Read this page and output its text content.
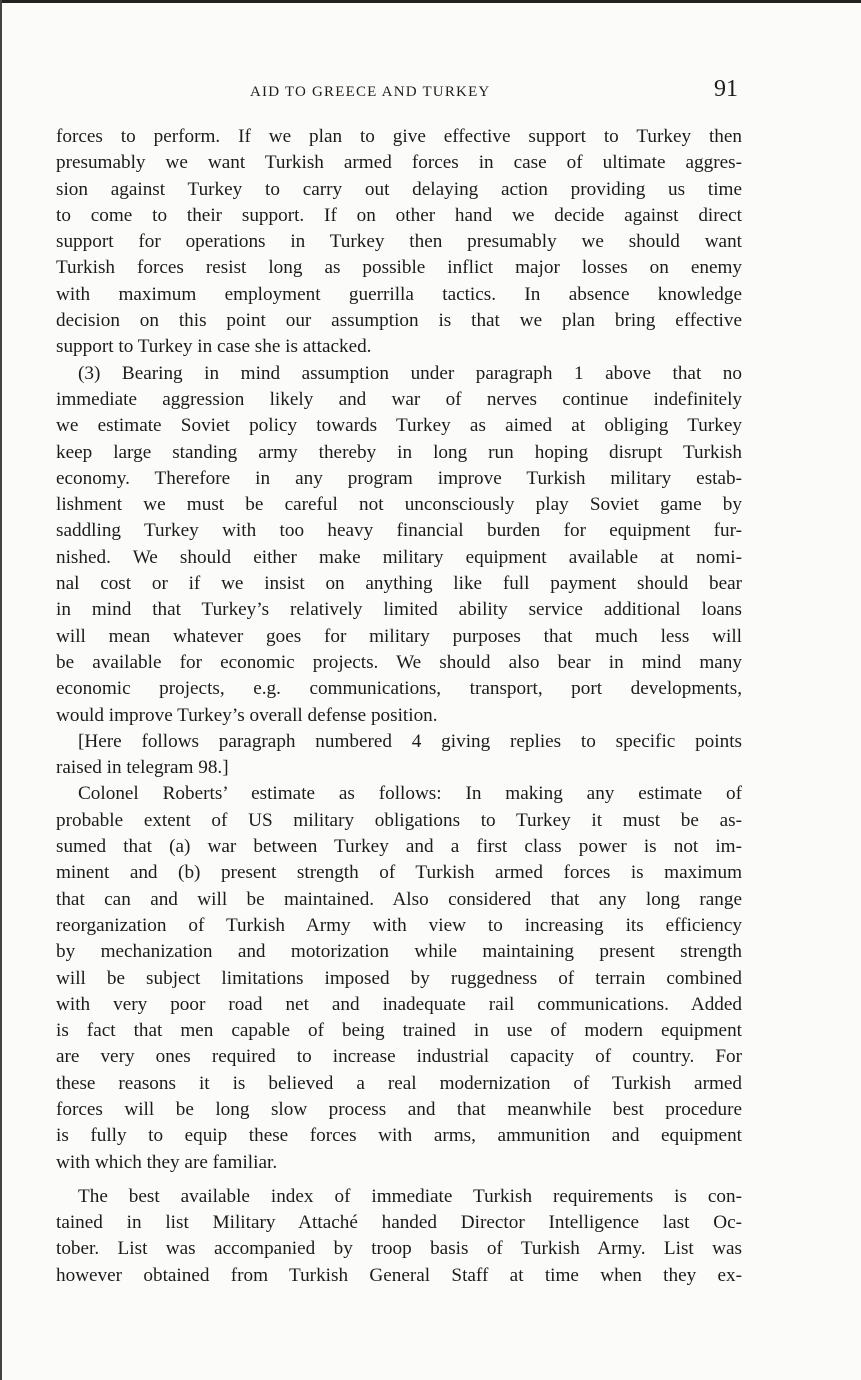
AID TO GREECE AND TURKEY	91
forces to perform. If we plan to give effective support to Turkey then
presumably we want Turkish armed forces in case of ultimate aggres-
sion against Turkey to carry out delaying action providing us time
to come to their support. If on other hand we decide against direct
support for operations in Turkey then presumably we should want
Turkish forces resist long as possible inflict major losses on enemy
with maximum employment guerrilla tactics. In absence knowledge
decision on this point our assumption is that we plan bring effective
support to Turkey in case she is attacked.
(3) Bearing in mind assumption under paragraph 1 above that no
immediate aggression likely and war of nerves continue indefinitely
we estimate Soviet policy towards Turkey as aimed at obliging Turkey
keep large standing army thereby in long run hoping disrupt Turkish
economy. Therefore in any program improve Turkish military estab-
lishment we must be careful not unconsciously play Soviet game by
saddling Turkey with too heavy financial burden for equipment fur-
nished. We should either make military equipment available at nomi-
nal cost or if we insist on anything like full payment should bear
in mind that Turkey’s relatively limited ability service additional loans
will mean whatever goes for military purposes that much less will
be available for economic projects. We should also bear in mind many
economic projects, e.g. communications, transport, port developments,
would improve Turkey’s overall defense position.
[Here follows paragraph numbered 4 giving replies to specific points
raised in telegram 98.]
Colonel Roberts’ estimate as follows: In making any estimate of
probable extent of US military obligations to Turkey it must be as-
sumed that (a) war between Turkey and a first class power is not im-
minent and (b) present strength of Turkish armed forces is maximum
that can and will be maintained. Also considered that any long range
reorganization of Turkish Army with view to increasing its efficiency
by mechanization and motorization while maintaining present strength
will be subject limitations imposed by ruggedness of terrain combined
with very poor road net and inadequate rail communications. Added
is fact that men capable of being trained in use of modern equipment
are very ones required to increase industrial capacity of country. For
these reasons it is believed a real modernization of Turkish armed
forces will be long slow process and that meanwhile best procedure
is fully to equip these forces with arms, ammunition and equipment
with which they are familiar.
The best available index of immediate Turkish requirements is con-
tained in list Military Attaché handed Director Intelligence last Oc-
tober. List was accompanied by troop basis of Turkish Army. List was
however obtained from Turkish General Staff at time when they ex-
